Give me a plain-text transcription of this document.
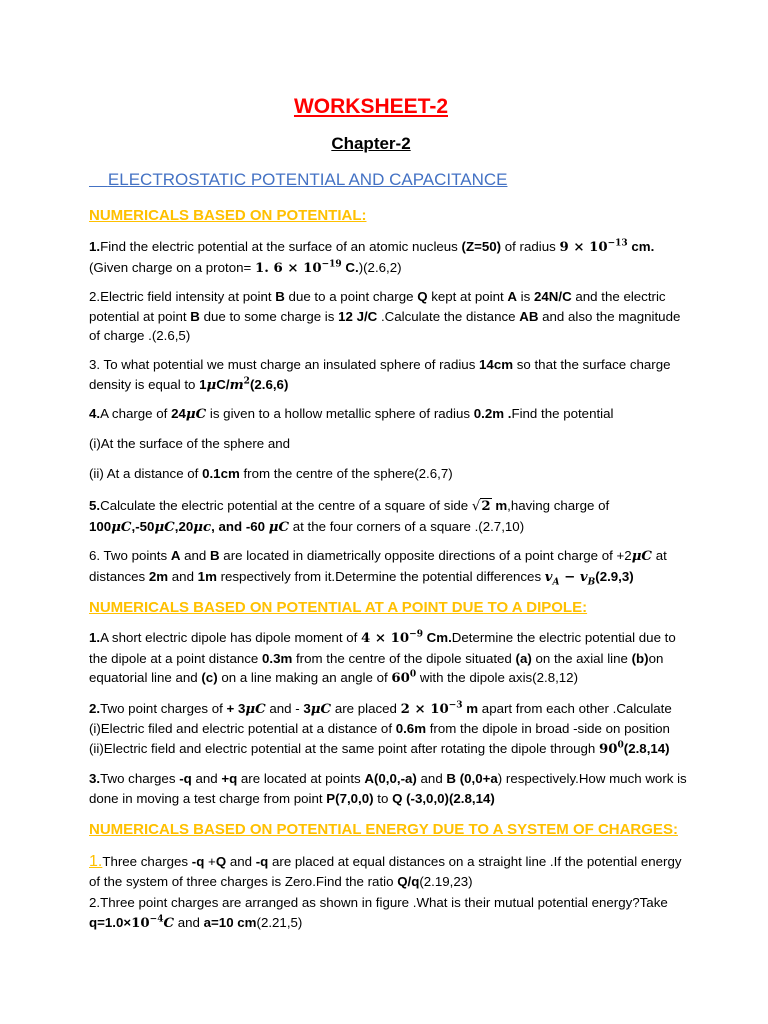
WORKSHEET-2
Chapter-2
ELECTROSTATIC POTENTIAL AND CAPACITANCE
NUMERICALS BASED ON POTENTIAL:
1.Find the electric potential at the surface of an atomic nucleus (Z=50) of radius $9 \times 10^{-13}$ cm. (Given charge on a proton= 1. $6 \times 10^{-19}$ C.)(2.6,2)
2.Electric field intensity at point B due to a point charge Q kept at point A is 24N/C and the electric potential at point B due to some charge is 12 J/C .Calculate the distance AB and also the magnitude of charge .(2.6,5)
3. To what potential we must charge an insulated sphere of radius 14cm so that the surface charge density is equal to $1\mu C/m^2(2.6,6)$
4.A charge of 24μC is given to a hollow metallic sphere of radius 0.2m .Find the potential
(i)At the surface of the sphere and
(ii) At a distance of 0.1cm from the centre of the sphere(2.6,7)
5.Calculate the electric potential at the centre of a square of side √2 m,having charge of 100μC,-50μC,20μc, and -60 μC at the four corners of a square .(2.7,10)
6. Two points A and B are located in diametrically opposite directions of a point charge of +2μC at distances 2m and 1m respectively from it.Determine the potential differences $v_A - v_B(2.9,3)$
NUMERICALS BASED ON POTENTIAL AT A POINT DUE TO A DIPOLE:
1.A short electric dipole has dipole moment of $4 \times 10^{-9}$ Cm.Determine the electric potential due to the dipole at a point distance 0.3m from the centre of the dipole situated (a) on the axial line (b)on equatorial line and (c) on a line making an angle of $60^0$ with the dipole axis(2.8,12)
2.Two point charges of + 3μC and - 3μC are placed $2 \times 10^{-3}$ m apart from each other .Calculate
(i)Electric filed and electric potential at a distance of 0.6m from the dipole in broad -side on position
(ii)Electric field and electric potential at the same point after rotating the dipole through $90^0(2.8,14)$
3.Two charges -q and +q are located at points A(0,0,-a) and B (0,0+a) respectively.How much work is done in moving a test charge from point P(7,0,0) to Q (-3,0,0)(2.8,14)
NUMERICALS BASED ON POTENTIAL ENERGY DUE TO A SYSTEM OF CHARGES:
1.Three charges -q +Q and -q are placed at equal distances on a straight line .If the potential energy of the system of three charges is Zero.Find the ratio Q/q(2.19,23)
2.Three point charges are arranged as shown in figure .What is their mutual potential energy?Take
$q=1.0\times 10^{-4}C$ and a=10 cm(2.21,5)
